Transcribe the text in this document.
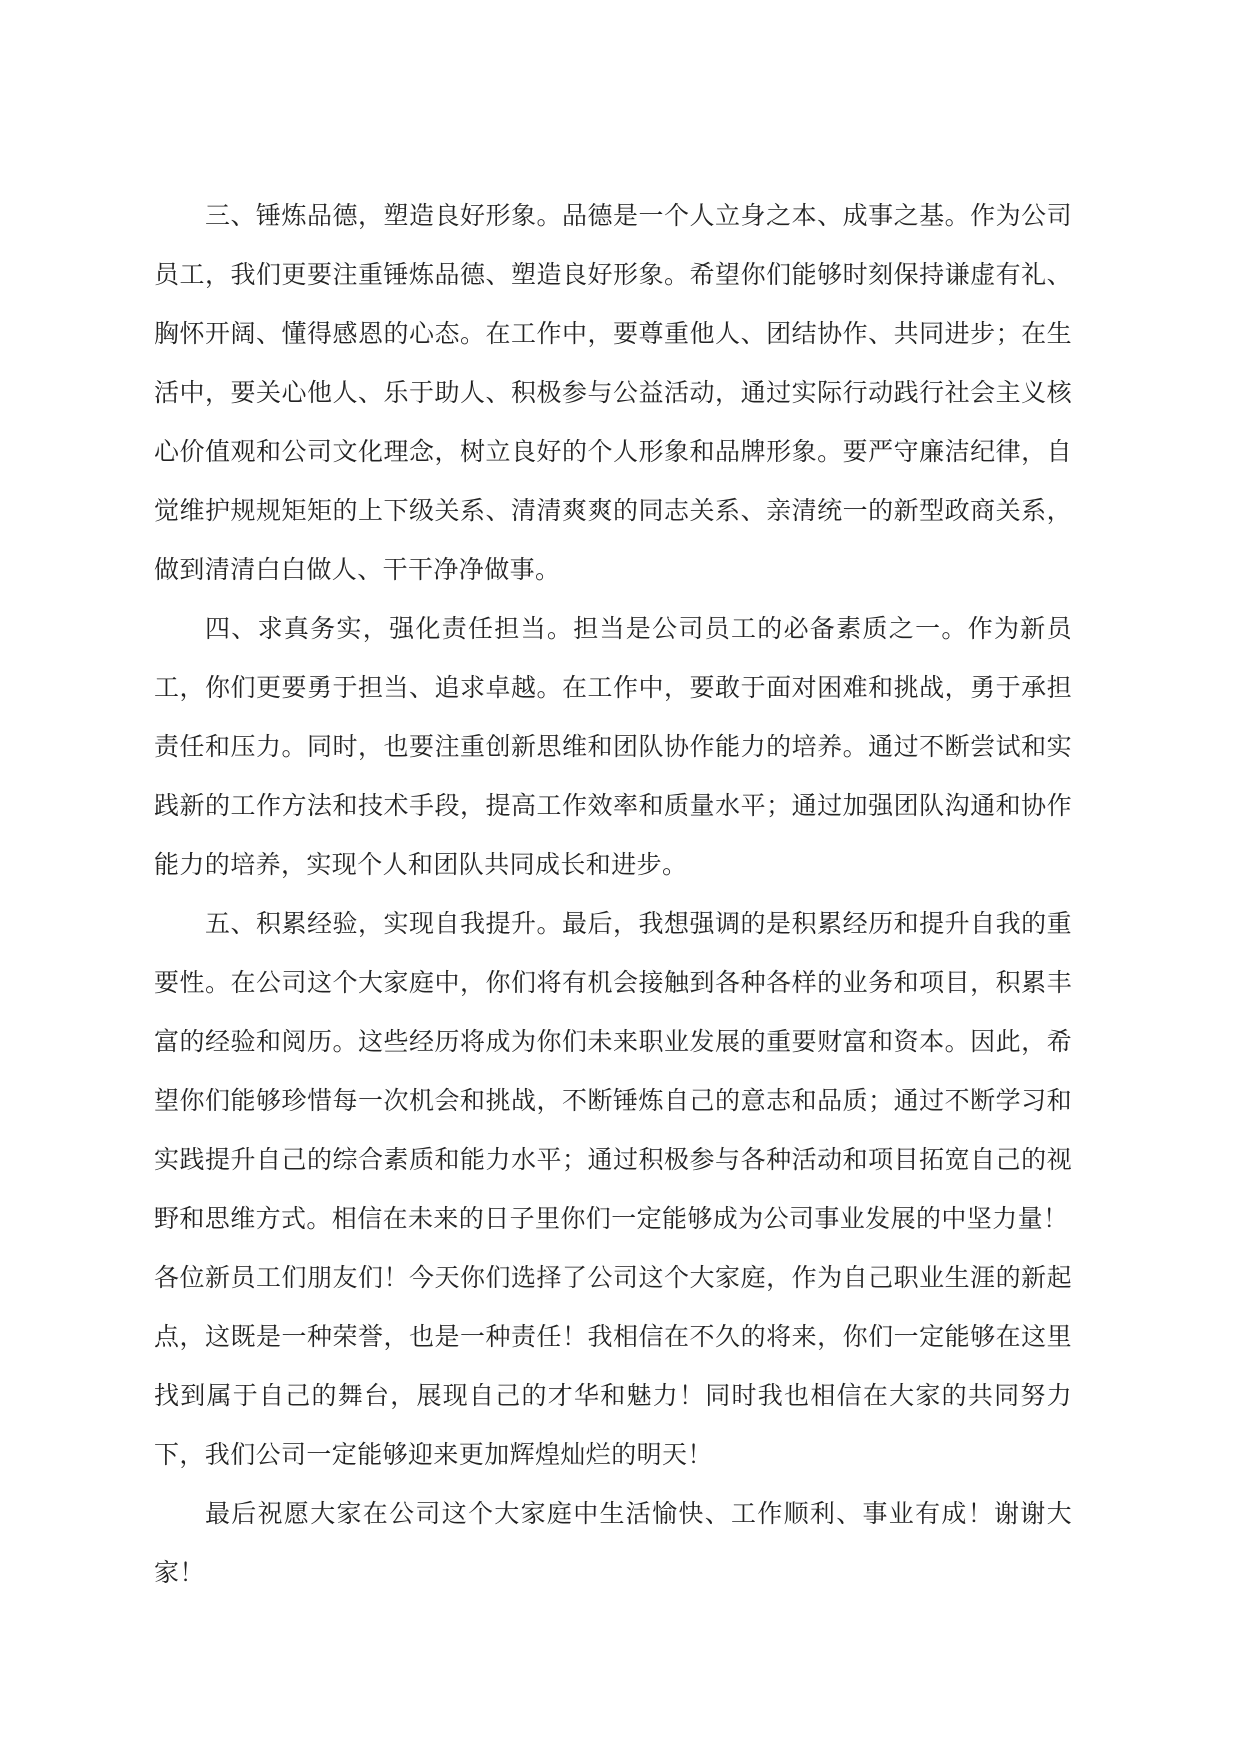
三、锤炼品德，塑造良好形象。品德是一个人立身之本、成事之基。作为公司员工，我们更要注重锤炼品德、塑造良好形象。希望你们能够时刻保持谦虚有礼、胸怀开阔、懂得感恩的心态。在工作中，要尊重他人、团结协作、共同进步；在生活中，要关心他人、乐于助人、积极参与公益活动，通过实际行动践行社会主义核心价值观和公司文化理念，树立良好的个人形象和品牌形象。要严守廉洁纪律，自觉维护规规矩矩的上下级关系、清清爽爽的同志关系、亲清统一的新型政商关系，做到清清白白做人、干干净净做事。

四、求真务实，强化责任担当。担当是公司员工的必备素质之一。作为新员工，你们更要勇于担当、追求卓越。在工作中，要敢于面对困难和挑战，勇于承担责任和压力。同时，也要注重创新思维和团队协作能力的培养。通过不断尝试和实践新的工作方法和技术手段，提高工作效率和质量水平；通过加强团队沟通和协作能力的培养，实现个人和团队共同成长和进步。

五、积累经验，实现自我提升。最后，我想强调的是积累经历和提升自我的重要性。在公司这个大家庭中，你们将有机会接触到各种各样的业务和项目，积累丰富的经验和阅历。这些经历将成为你们未来职业发展的重要财富和资本。因此，希望你们能够珍惜每一次机会和挑战，不断锤炼自己的意志和品质；通过不断学习和实践提升自己的综合素质和能力水平；通过积极参与各种活动和项目拓宽自己的视野和思维方式。相信在未来的日子里你们一定能够成为公司事业发展的中坚力量！

各位新员工们朋友们！今天你们选择了公司这个大家庭，作为自己职业生涯的新起点，这既是一种荣誉，也是一种责任！我相信在不久的将来，你们一定能够在这里找到属于自己的舞台，展现自己的才华和魅力！同时我也相信在大家的共同努力下，我们公司一定能够迎来更加辉煌灿烂的明天！

最后祝愿大家在公司这个大家庭中生活愉快、工作顺利、事业有成！谢谢大家！
